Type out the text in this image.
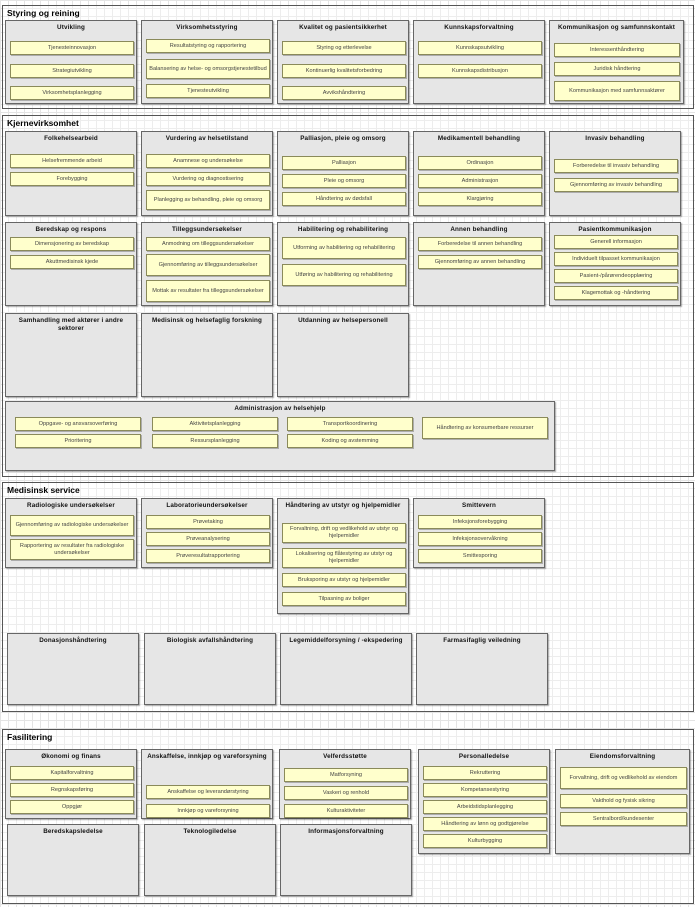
Styring og reining
Utvikling
Tjenesteinnovasjon
Strategiutvikling
Virksomhetsplanlegging
Virksomhetsstyring
Resultatstyring og rapportering
Balansering av helse- og omsorgstjenestetilbud
Tjenesteutvikling
Kvalitet og pasientsikkerhet
Styring og etterlevelse
Kontinuerlig kvalitetsforbedring
Avvikshåndtering
Kunnskapsforvaltning
Kunnskapsutvikling
Kunnskapsdistribusjon
Kommunikasjon og samfunnskontakt
Interessenthåndtering
Juridisk håndtering
Kommunikasjon med samfunnsaktører
Kjernevirksomhet
Folkehelsearbeid
Helsefremmende arbeid
Forebygging
Vurdering av helsetilstand
Anamnese og undersøkelse
Vurdering og diagnostisering
Planlegging av behandling, pleie og omsorg
Palliasjon, pleie og omsorg
Palliasjon
Pleie og omsorg
Håndtering av dødsfall
Medikamentell behandling
Ordinasjon
Administrasjon
Klargjøring
Invasiv behandling
Forberedelse til invasiv behandling
Gjennomføring av invasiv behandling
Beredskap og respons
Dimensjonering av beredskap
Akuttmedisinsk kjede
Tilleggsundersøkelser
Anmodning om tilleggsundersøkelser
Gjennomføring av tilleggsundersøkelser
Mottak av resultater fra tilleggsundersøkelser
Habilitering og rehabilitering
Utforming av habilitering og rehabilitering
Utføring av habilitering og rehabilitering
Annen behandling
Forberedelse til annen behandling
Gjennomføring av annen behandling
Pasientkommunikasjon
Generell informasjon
Individuelt tilpasset kommunikasjon
Pasient-/pårørendeopplæring
Klagemottak og -håndtering
Samhandling med aktører i andre sektorer
Medisinsk og helsefaglig forskning	Utdanning av helsepersonell
Administrasjon av helsehjelp
Oppgave- og ansvarsoverføring
Prioritering
Aktivitetsplanlegging
Ressursplanlegging
Transportkoordinering
Koding og avstemming
Håndtering av konsumerbare ressurser
Medisinsk service
Radiologiske undersøkelser
Gjennomføring av radiologiske undersøkelser
Rapportering av resultater fra radiologiske undersøkelser
Laboratorieundersøkelser
Prøvetaking
Prøveanalysering
Prøveresultatrapportering
Håndtering av utstyr og hjelpemidler
Forvaltning, drift og vedlikehold av utstyr og hjelpemidler
Lokalisering og flåtestyring av utstyr og hjelpemidler
Bruksporing av utstyr og hjelpemidler
Tilpasning av boliger
Smittevern
Infeksjonsforebygging
Infeksjonsovervåkning
Smittesporing
Donasjonshåndtering	Biologisk avfallshåndtering	Legemiddelforsyning / -ekspedering	Farmasifaglig veiledning
Fasilitering
Økonomi og finans
Kapitalforvaltning
Regnskapsføring
Oppgjør
Anskaffelse, innkjøp og vareforsyning
Anskaffelse og leverandørstyring
Innkjøp og vareforsyning
Velferdsstøtte
Matforsyning
Vaskeri og renhold
Kulturaktiviteter
Personalledelse
Rekruttering
Kompetansestyring
Arbeidstidsplanlegging
Håndtering av lønn og godtgjørelse
Kulturbygging
Eiendomsforvaltning
Forvaltning, drift og vedlikehold av eiendom
Vakthold og fysisk sikring
Sentralbord/kundesenter
Beredskapsledelse	Teknologiledelse	Informasjonsforvaltning
